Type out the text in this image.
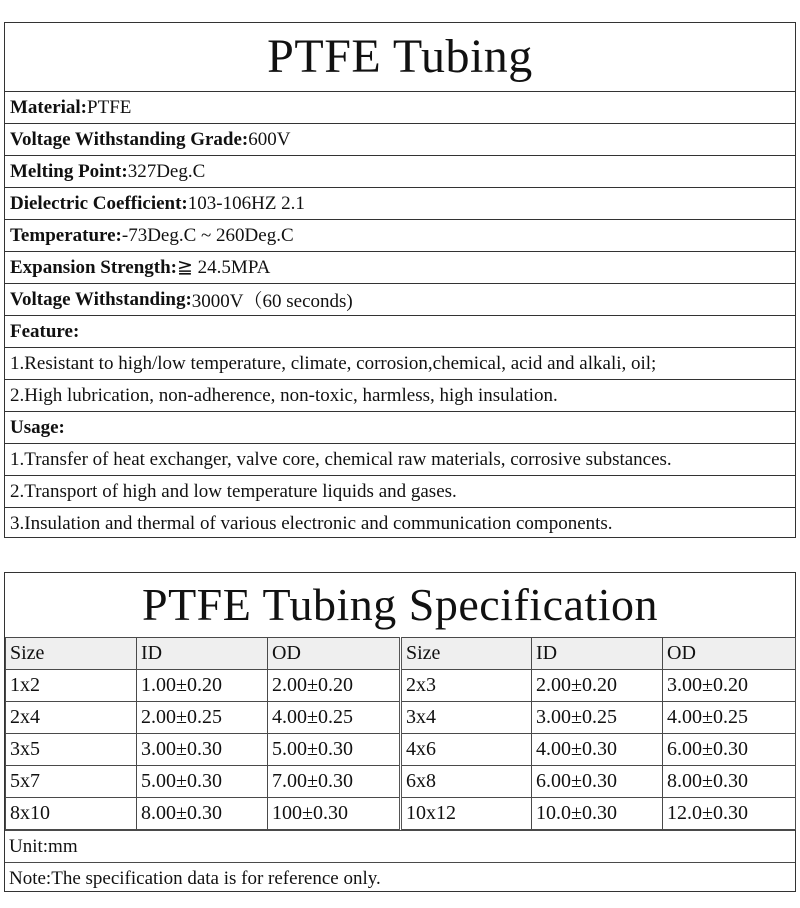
PTFE Tubing
Material: PTFE
Voltage Withstanding Grade: 600V
Melting Point: 327Deg.C
Dielectric Coefficient: 103-106HZ 2.1
Temperature: -73Deg.C ~ 260Deg.C
Expansion Strength: ≧ 24.5MPA
Voltage Withstanding: 3000V（60 seconds)
Feature:
1.Resistant to high/low temperature, climate, corrosion,chemical, acid and alkali, oil;
2.High lubrication, non-adherence, non-toxic, harmless, high insulation.
Usage:
1.Transfer of heat exchanger, valve core, chemical raw materials, corrosive substances.
2.Transport of high and low temperature liquids and gases.
3.Insulation and thermal of various electronic and communication components.
PTFE Tubing Specification
Size	ID	OD	Size	ID	OD
1x2	1.00±0.20	2.00±0.20	2x3	2.00±0.20	3.00±0.20
2x4	2.00±0.25	4.00±0.25	3x4	3.00±0.25	4.00±0.25
3x5	3.00±0.30	5.00±0.30	4x6	4.00±0.30	6.00±0.30
5x7	5.00±0.30	7.00±0.30	6x8	6.00±0.30	8.00±0.30
8x10	8.00±0.30	100±0.30	10x12	10.0±0.30	12.0±0.30
Unit:mm
Note:The specification data is for reference only.
